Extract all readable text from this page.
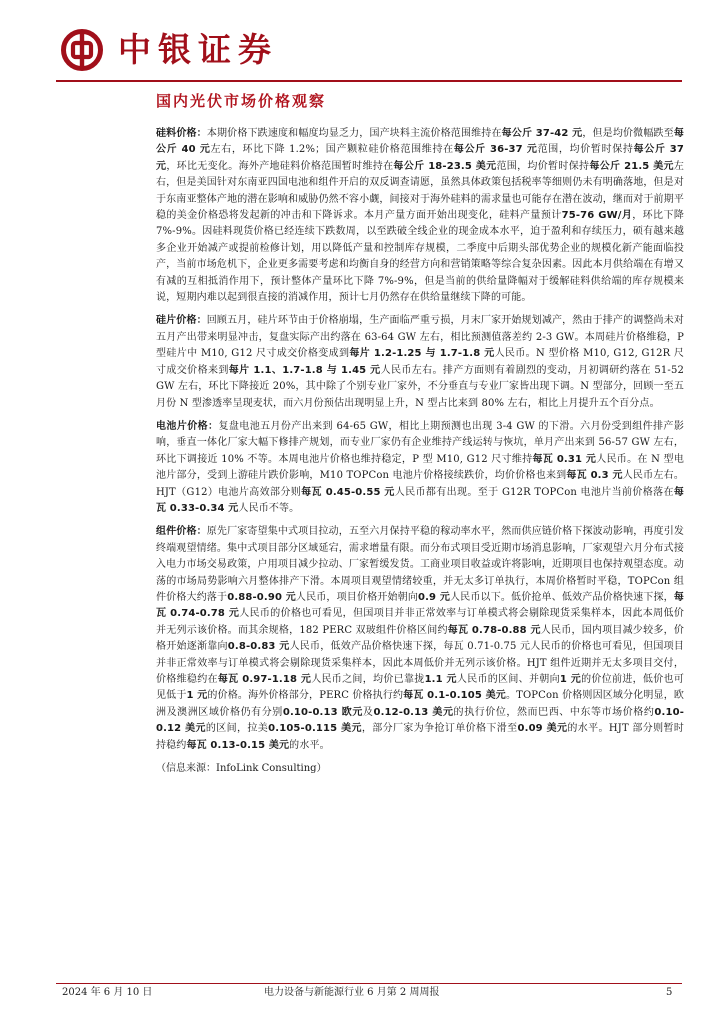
中银证券
国内光伏市场价格观察

硅料价格：本期价格下跌速度和幅度均显乏力，国产块料主流价格范围维持在每公斤 37-42 元，但是均价微幅跌至每公斤 40 元左右，环比下降 1.2%；国产颗粒硅价格范围维持在每公斤 36-37 元范围，均价暂时保持每公斤 37 元，环比无变化。海外产地硅料价格范围暂时维持在每公斤 18-23.5 美元范围，均价暂时保持每公斤 21.5 美元左右，但是美国针对东南亚四国电池和组件开启的双反调查请愿，虽然具体政策包括税率等细则仍未有明确落地，但是对于东南亚整体产地的潜在影响和威胁仍然不容小觑，间接对于海外硅料的需求量也可能存在潜在波动，继而对于前期平稳的美金价格恐将发起新的冲击和下降诉求。本月产量方面开始出现变化，硅料产量预计75-76 GW/月，环比下降 7%-9%。因硅料现货价格已经连续下跌数周，以至跌破全线企业的现金成本水平，迫于盈利和存续压力，硕有越来越多企业开始减产或提前检修计划，用以降低产量和控制库存规模，二季度中后期头部优势企业的规模化新产能面临投产，当前市场危机下，企业更多需要考虑和均衡自身的经营方向和营销策略等综合复杂因素。因此本月供给端在有增又有减的互相抵消作用下，预计整体产量环比下降 7%-9%，但是当前的供给量降幅对于缓解硅料供给端的库存规模来说，短期内难以起到很直接的消减作用，预计七月仍然存在供给量继续下降的可能。

硅片价格：回顾五月，硅片环节由于价格崩塌，生产面临严重亏损，月末厂家开始规划减产，然由于排产的调整尚未对五月产出带来明显冲击，复盘实际产出约落在 63-64 GW 左右，相比预测值落差约 2-3 GW。本周硅片价格维稳，P 型硅片中 M10, G12 尺寸成交价格变成到每片 1.2-1.25 与 1.7-1.8 元人民币。N 型价格 M10, G12, G12R 尺寸成交价格来到每片 1.1、1.7-1.8 与 1.45 元人民币左右。排产方面则有着剧烈的变动，月初调研约落在 51-52 GW 左右，环比下降接近 20%，其中除了个别专业厂家外，不分垂直与专业厂家皆出现下调。N 型部分，回顾一至五月份 N 型渗透率呈现麦状，而六月份预估出现明显上升，N 型占比来到 80% 左右，相比上月提升五个百分点。

电池片价格：复盘电池五月份产出来到 64-65 GW，相比上期预测也出现 3-4 GW 的下滑。六月份受到组件排产影响，垂直一体化厂家大幅下修排产规划，而专业厂家仍有企业维持产线运转与恢坑，单月产出来到 56-57 GW 左右，环比下调接近 10% 不等。本周电池片价格也维持稳定，P 型 M10, G12 尺寸维持每瓦 0.31 元人民币。在 N 型电池片部分，受到上游硅片跌价影响，M10 TOPCon 电池片价格接续跌价，均价价格也来到每瓦 0.3 元人民币左右。HJT（G12）电池片高效部分则每瓦 0.45-0.55 元人民币都有出现。至于 G12R TOPCon 电池片当前价格落在每瓦 0.33-0.34 元人民币不等。

组件价格：原先厂家寄望集中式项目拉动，五至六月保持平稳的稼动率水平，然而供应链价格下探波动影响，再度引发终端观望情绪。集中式项目部分区域延宕，需求增量有限。而分布式项目受近期市场消息影响，厂家观望六月分布式接入电力市场交易政策，户用项目减少拉动、厂家暂缓发货。工商业项目收益或许将影响，近期项目也保持观望态度。动荡的市场局势影响六月整体排产下滑。本周项目观望情绪较重，并无太多订单执行，本周价格暂时平稳，TOPCon 组件价格大约落于0.88-0.90 元人民币，项目价格开始朝向0.9 元人民币以下。低价抢单、低效产品价格快速下探，每瓦 0.74-0.78 元人民币的价格也可看见，但国项目并非正常效率与订单模式将会剔除现货采集样本，因此本周低价并无列示该价格。而其余规格，182 PERC 双玻组件价格区间约每瓦 0.78-0.88 元人民币，国内项目减少较多，价格开始逐渐靠向0.8-0.83 元人民币，低效产品价格快速下探，每瓦 0.71-0.75 元人民币的价格也可看见，但国项目并非正常效率与订单模式将会剔除现货采集样本，因此本周低价并无列示该价格。HJT 组件近期并无太多项目交付，价格维稳约在每瓦 0.97-1.18 元人民币之间，均价已靠拢1.1 元人民币的区间、并朝向1 元的价位前进，低价也可见低于1 元的价格。海外价格部分，PERC 价格执行约每瓦 0.1-0.105 美元。TOPCon 价格则因区域分化明显，欧洲及澳洲区域价格仍有分别0.10-0.13 欧元及0.12-0.13 美元的执行价位，然而巴西、中东等市场价格约0.10-0.12 美元的区间，拉美0.105-0.115 美元，部分厂家为争抢订单价格下滑至0.09 美元的水平。HJT 部分则暂时持稳约每瓦 0.13-0.15 美元的水平。

（信息来源：InfoLink Consulting）
2024 年 6 月 10 日	电力设备与新能源行业 6 月第 2 周周报	5
